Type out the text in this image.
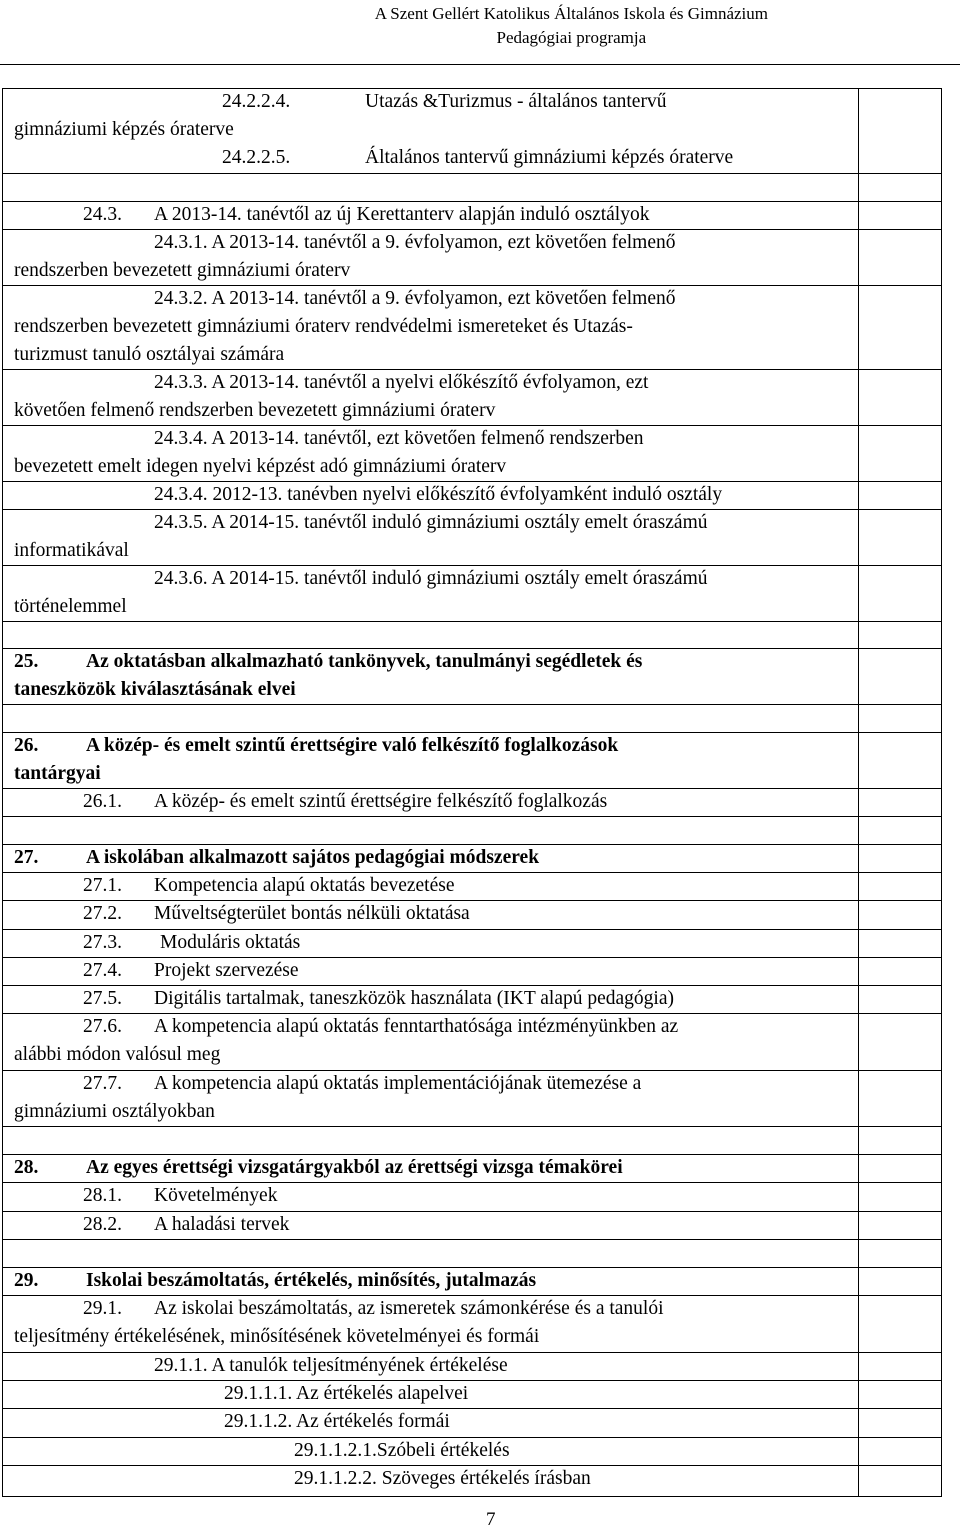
A Szent Gellért Katolikus Általános Iskola és Gimnázium
Pedagógiai programja
24.2.2.4.	Utazás &Turizmus - általános tantervű
gimnáziumi képzés óraterve
24.2.2.5.	Általános tantervű gimnáziumi képzés óraterve
24.3. A 2013-14. tanévtől az új Kerettanterv alapján induló osztályok
24.3.1. A 2013-14. tanévtől a 9. évfolyamon, ezt követően felmenő
rendszerben bevezetett gimnáziumi óraterv
24.3.2. A 2013-14. tanévtől a 9. évfolyamon, ezt követően felmenő
rendszerben bevezetett gimnáziumi óraterv rendvédelmi ismereteket és Utazás-
turizmust tanuló osztályai számára
24.3.3. A 2013-14. tanévtől a nyelvi előkészítő évfolyamon, ezt
követően felmenő rendszerben bevezetett gimnáziumi óraterv
24.3.4. A 2013-14. tanévtől, ezt követően felmenő rendszerben
bevezetett emelt idegen nyelvi képzést adó gimnáziumi óraterv
24.3.4. 2012-13. tanévben nyelvi előkészítő évfolyamként induló osztály
24.3.5. A 2014-15. tanévtől induló gimnáziumi osztály emelt óraszámú
informatikával
24.3.6. A 2014-15. tanévtől induló gimnáziumi osztály emelt óraszámú
történelemmel
25. Az oktatásban alkalmazható tankönyvek, tanulmányi segédletek és
taneszközök kiválasztásának elvei
26. A közép- és emelt szintű érettségire való felkészítő foglalkozások
tantárgyai
26.1. A közép- és emelt szintű érettségire felkészítő foglalkozás
27. A iskolában alkalmazott sajátos pedagógiai módszerek
27.1. Kompetencia alapú oktatás bevezetése
27.2. Műveltségterület bontás nélküli oktatása
27.3. Moduláris oktatás
27.4. Projekt szervezése
27.5. Digitális tartalmak, taneszközök használata (IKT alapú pedagógia)
27.6. A kompetencia alapú oktatás fenntarthatósága intézményünkben az
alábbi módon valósul meg
27.7. A kompetencia alapú oktatás implementációjának ütemezése a
gimnáziumi osztályokban
28. Az egyes érettségi vizsgatárgyakból az érettségi vizsga témakörei
28.1. Követelmények
28.2. A haladási tervek
29. Iskolai beszámoltatás, értékelés, minősítés, jutalmazás
29.1. Az iskolai beszámoltatás, az ismeretek számonkérése és a tanulói
teljesítmény értékelésének, minősítésének követelményei és formái
29.1.1. A tanulók teljesítményének értékelése
29.1.1.1. Az értékelés alapelvei
29.1.1.2. Az értékelés formái
29.1.1.2.1.Szóbeli értékelés
29.1.1.2.2. Szöveges értékelés írásban
7
